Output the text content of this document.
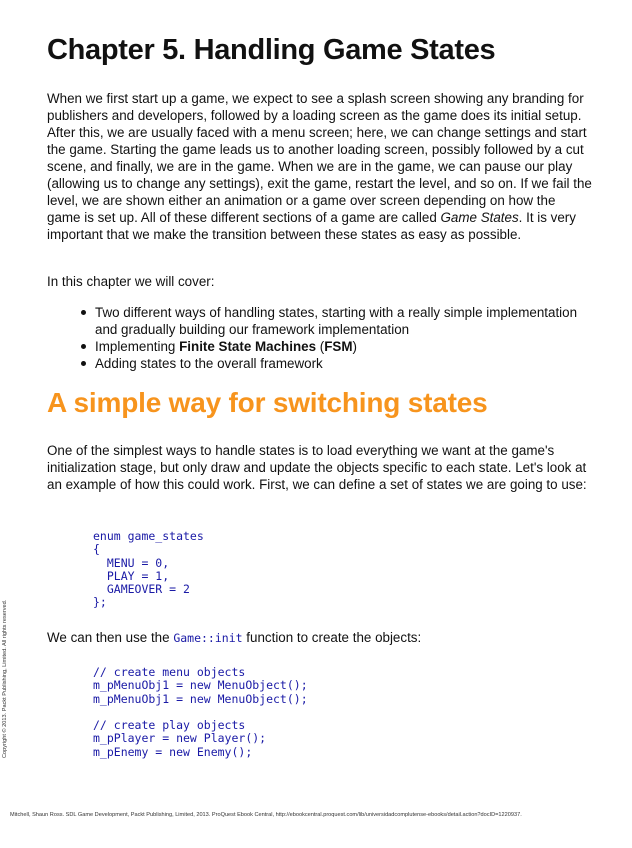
Chapter 5. Handling Game States

When we first start up a game, we expect to see a splash screen showing any branding for publishers and developers, followed by a loading screen as the game does its initial setup. After this, we are usually faced with a menu screen; here, we can change settings and start the game. Starting the game leads us to another loading screen, possibly followed by a cut scene, and finally, we are in the game. When we are in the game, we can pause our play (allowing us to change any settings), exit the game, restart the level, and so on. If we fail the level, we are shown either an animation or a game over screen depending on how the game is set up. All of these different sections of a game are called Game States. It is very important that we make the transition between these states as easy as possible.

In this chapter we will cover:

Two different ways of handling states, starting with a really simple implementation and gradually building our framework implementation
Implementing Finite State Machines (FSM)
Adding states to the overall framework
A simple way for switching states

One of the simplest ways to handle states is to load everything we want at the game's initialization stage, but only draw and update the objects specific to each state. Let's look at an example of how this could work. First, we can define a set of states we are going to use:

enum game_states
{
MENU = 0,
PLAY = 1,
GAMEOVER = 2
};

We can then use the Game::init function to create the objects:

// create menu objects
m_pMenuObj1 = new MenuObject();
m_pMenuObj1 = new MenuObject();

// create play objects
m_pPlayer = new Player();
m_pEnemy = new Enemy();
Copyright © 2013. Packt Publishing, Limited. All rights reserved.
Mitchell, Shaun Ross. SDL Game Development, Packt Publishing, Limited, 2013. ProQuest Ebook Central, http://ebookcentral.proquest.com/lib/universidadcomplutense-ebooks/detail.action?docID=1220937.
